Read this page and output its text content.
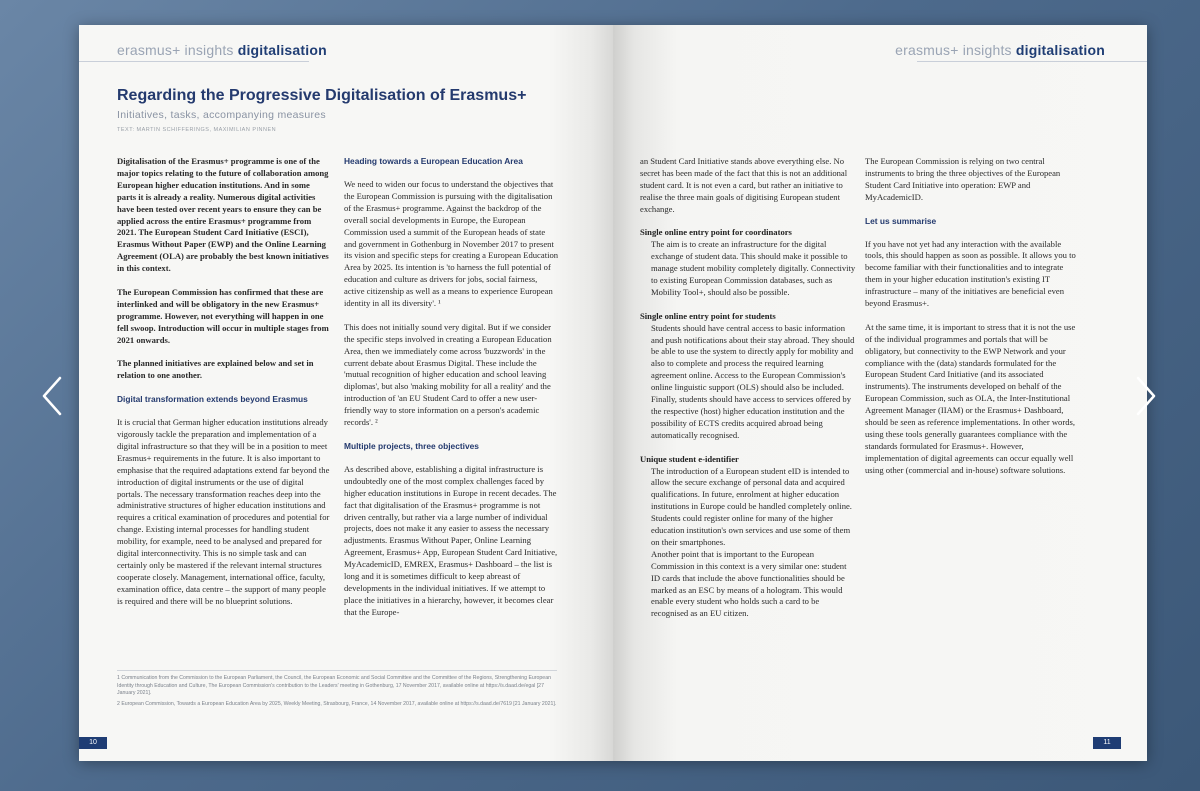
erasmus+ insights digitalisation
Regarding the Progressive Digitalisation of Erasmus+
Initiatives, tasks, accompanying measures
TEXT: MARTIN SCHIFFERINGS, MAXIMILIAN PINNEN

Digitalisation of the Erasmus+ programme is one of the major topics relating to the future of collaboration among European higher education institutions. And in some parts it is already a reality. Numerous digital activities have been tested over recent years to ensure they can be applied across the entire Erasmus+ programme from 2021. The European Student Card Initiative (ESCI), Erasmus Without Paper (EWP) and the Online Learning Agreement (OLA) are probably the best known initiatives in this context.

The European Commission has confirmed that these are interlinked and will be obligatory in the new Erasmus+ programme. However, not everything will happen in one fell swoop. Introduction will occur in multiple stages from 2021 onwards.

The planned initiatives are explained below and set in relation to one another.

Digital transformation extends beyond Erasmus

It is crucial that German higher education institutions already vigorously tackle the preparation and implementation of a digital infrastructure so that they will be in a position to meet Erasmus+ requirements in the future. It is also important to emphasise that the required adaptations extend far beyond the introduction of digital instruments or the use of digital portals. The necessary transformation reaches deep into the administrative structures of higher education institutions and requires a critical examination of procedures and potential for change. Existing internal processes for handling student mobility, for example, need to be analysed and prepared for digital interconnectivity. This is no simple task and can certainly only be mastered if the relevant internal structures cooperate closely. Management, international office, faculty, examination office, data centre – the support of many people is required and there will be no blueprint solutions.

Heading towards a European Education Area

We need to widen our focus to understand the objectives that the European Commission is pursuing with the digitalisation of the Erasmus+ programme. Against the backdrop of the overall social developments in Europe, the European Commission used a summit of the European heads of state and government in Gothenburg in November 2017 to present its vision and specific steps for creating a European Education Area by 2025. Its intention is 'to harness the full potential of education and culture as drivers for jobs, social fairness, active citizenship as well as a means to experience European identity in all its diversity'. ¹

This does not initially sound very digital. But if we consider the specific steps involved in creating a European Education Area, then we immediately come across 'buzzwords' in the current debate about Erasmus Digital. These include the 'mutual recognition of higher education and school leaving diplomas', but also 'making mobility for all a reality' and the introduction of 'an EU Student Card to offer a new user-friendly way to store information on a person's academic records'. ²

Multiple projects, three objectives

As described above, establishing a digital infrastructure is undoubtedly one of the most complex challenges faced by higher education institutions in Europe in recent decades. The fact that digitalisation of the Erasmus+ programme is not driven centrally, but rather via a large number of individual projects, does not make it any easier to assess the necessary adjustments. Erasmus Without Paper, Online Learning Agreement, Erasmus+ App, European Student Card Initiative, MyAcademicID, EMREX, Erasmus+ Dashboard – the list is long and it is sometimes difficult to keep abreast of developments in the individual initiatives. If we attempt to place the initiatives in a hierarchy, however, it becomes clear that the Europe-

1 Communication from the Commission to the European Parliament, the Council, the European Economic and Social Committee and the Committee of the Regions, Strengthening European Identity through Education and Culture, The European Commission's contribution to the Leaders' meeting in Gothenburg, 17 November 2017, available online at https://s.daad.de/egal [27 January 2021].
2 European Commission, Towards a European Education Area by 2025, Weekly Meeting, Strasbourg, France, 14 November 2017, available online at https://s.daad.de/7619 [21 January 2021].
10
erasmus+ insights digitalisation

an Student Card Initiative stands above everything else. No secret has been made of the fact that this is not an additional student card. It is not even a card, but rather an initiative to realise the three main goals of digitising European student exchange.

Single online entry point for coordinators

The aim is to create an infrastructure for the digital exchange of student data. This should make it possible to manage student mobility completely digitally. Connectivity to existing European Commission databases, such as Mobility Tool+, should also be possible.

Single online entry point for students

Students should have central access to basic information and push notifications about their stay abroad. They should be able to use the system to directly apply for mobility and also to complete and process the required learning agreement online. Access to the European Commission's online linguistic support (OLS) should also be included. Finally, students should have access to services offered by the respective (host) higher education institution and the possibility of ECTS credits acquired abroad being automatically recognised.

Unique student e-identifier

The introduction of a European student eID is intended to allow the secure exchange of personal data and acquired qualifications. In future, enrolment at higher education institutions in Europe could be handled completely online. Students could register online for many of the higher education institution's own services and use some of them on their smartphones.

Another point that is important to the European Commission in this context is a very similar one: student ID cards that include the above functionalities should be marked as an ESC by means of a hologram. This would enable every student who holds such a card to be recognised as an EU citizen.

The European Commission is relying on two central instruments to bring the three objectives of the European Student Card Initiative into operation: EWP and MyAcademicID.

Let us summarise

If you have not yet had any interaction with the available tools, this should happen as soon as possible. It allows you to become familiar with their functionalities and to integrate them in your higher education institution's existing IT infrastructure – many of the initiatives are beneficial even beyond Erasmus+.

At the same time, it is important to stress that it is not the use of the individual programmes and portals that will be obligatory, but connectivity to the EWP Network and your compliance with the (data) standards formulated for the European Student Card Initiative (and its associated instruments). The instruments developed on behalf of the European Commission, such as OLA, the Inter-Institutional Agreement Manager (IIAM) or the Erasmus+ Dashboard, should be seen as reference implementations. In other words, using these tools generally guarantees compliance with the standards formulated for Erasmus+. However, implementation of digital agreements can occur equally well using other (commercial and in-house) software solutions.

11
